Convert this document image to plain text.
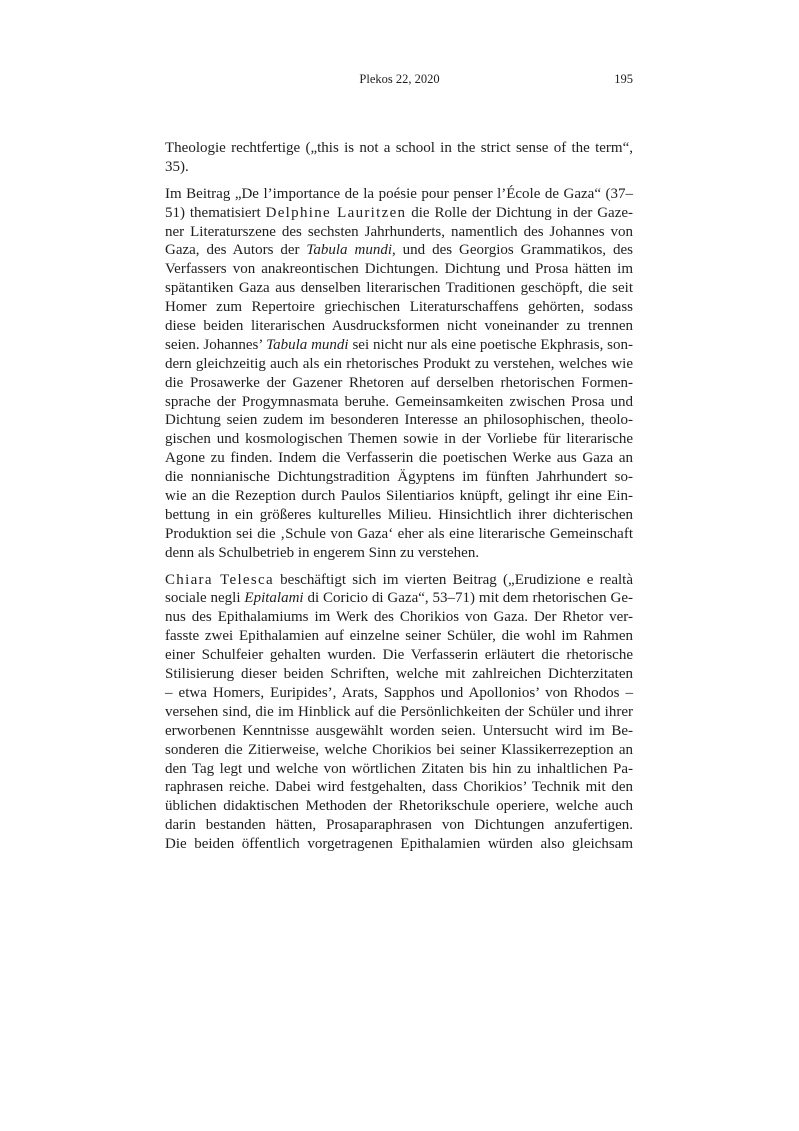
Plekos 22, 2020	195
Theologie rechtfertige („this is not a school in the strict sense of the term“,
35).
Im Beitrag „De l’importance de la poésie pour penser l’École de Gaza“ (37–
51) thematisiert Delphine Lauritzen die Rolle der Dichtung in der Gaze-
ner Literaturszene des sechsten Jahrhunderts, namentlich des Johannes von
Gaza, des Autors der Tabula mundi, und des Georgios Grammatikos, des
Verfassers von anakreontischen Dichtungen. Dichtung und Prosa hätten im
spätantiken Gaza aus denselben literarischen Traditionen geschöpft, die seit
Homer zum Repertoire griechischen Literaturschaffens gehörten, sodass
diese beiden literarischen Ausdrucksformen nicht voneinander zu trennen
seien. Johannes’ Tabula mundi sei nicht nur als eine poetische Ekphrasis, son-
dern gleichzeitig auch als ein rhetorisches Produkt zu verstehen, welches wie
die Prosawerke der Gazener Rhetoren auf derselben rhetorischen Formen-
sprache der Progymnasmata beruhe. Gemeinsamkeiten zwischen Prosa und
Dichtung seien zudem im besonderen Interesse an philosophischen, theolo-
gischen und kosmologischen Themen sowie in der Vorliebe für literarische
Agone zu finden. Indem die Verfasserin die poetischen Werke aus Gaza an
die nonnianische Dichtungstradition Ägyptens im fünften Jahrhundert so-
wie an die Rezeption durch Paulos Silentiarios knüpft, gelingt ihr eine Ein-
bettung in ein größeres kulturelles Milieu. Hinsichtlich ihrer dichterischen
Produktion sei die ‚Schule von Gaza‘ eher als eine literarische Gemeinschaft
denn als Schulbetrieb in engerem Sinn zu verstehen.
Chiara Telesca beschäftigt sich im vierten Beitrag („Erudizione e realtà
sociale negli Epitalami di Coricio di Gaza“, 53–71) mit dem rhetorischen Ge-
nus des Epithalamiums im Werk des Chorikios von Gaza. Der Rhetor ver-
fasste zwei Epithalamien auf einzelne seiner Schüler, die wohl im Rahmen
einer Schulfeier gehalten wurden. Die Verfasserin erläutert die rhetorische
Stilisierung dieser beiden Schriften, welche mit zahlreichen Dichterzitaten
– etwa Homers, Euripides’, Arats, Sapphos und Apollonios’ von Rhodos –
versehen sind, die im Hinblick auf die Persönlichkeiten der Schüler und ihrer
erworbenen Kenntnisse ausgewählt worden seien. Untersucht wird im Be-
sonderen die Zitierweise, welche Chorikios bei seiner Klassikerrezeption an
den Tag legt und welche von wörtlichen Zitaten bis hin zu inhaltlichen Pa-
raphrasen reiche. Dabei wird festgehalten, dass Chorikios’ Technik mit den
üblichen didaktischen Methoden der Rhetorikschule operiere, welche auch
darin bestanden hätten, Prosaparaphrasen von Dichtungen anzufertigen.
Die beiden öffentlich vorgetragenen Epithalamien würden also gleichsam
